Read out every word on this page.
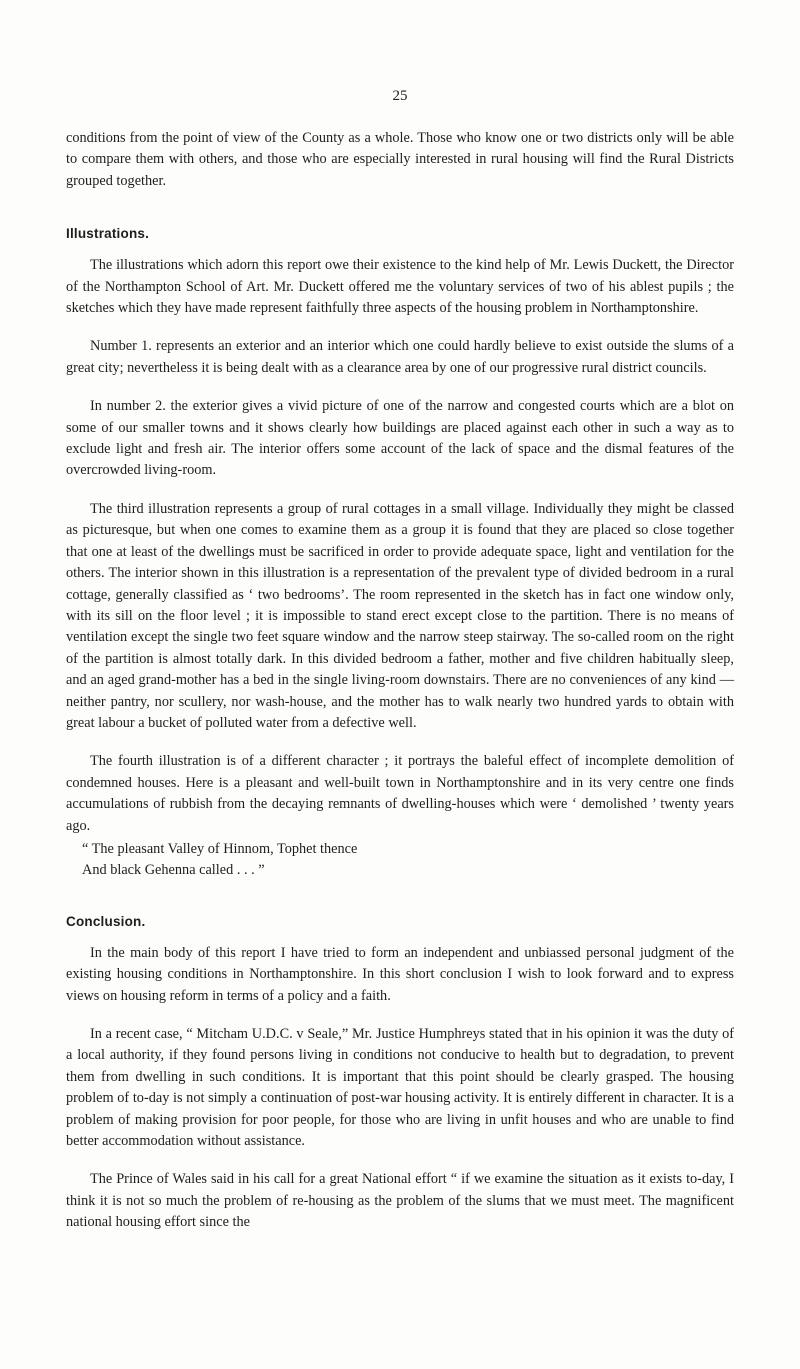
25

conditions from the point of view of the County as a whole. Those who know one or two districts only will be able to compare them with others, and those who are especially interested in rural housing will find the Rural Districts grouped together.

Illustrations.

The illustrations which adorn this report owe their existence to the kind help of Mr. Lewis Duckett, the Director of the Northampton School of Art. Mr. Duckett offered me the voluntary services of two of his ablest pupils ; the sketches which they have made represent faithfully three aspects of the housing problem in Northamptonshire.

Number 1. represents an exterior and an interior which one could hardly believe to exist outside the slums of a great city; nevertheless it is being dealt with as a clearance area by one of our progressive rural district councils.

In number 2. the exterior gives a vivid picture of one of the narrow and congested courts which are a blot on some of our smaller towns and it shows clearly how buildings are placed against each other in such a way as to exclude light and fresh air. The interior offers some account of the lack of space and the dismal features of the overcrowded living-room.

The third illustration represents a group of rural cottages in a small village. Individually they might be classed as picturesque, but when one comes to examine them as a group it is found that they are placed so close together that one at least of the dwellings must be sacrificed in order to provide adequate space, light and ventilation for the others. The interior shown in this illustration is a representation of the prevalent type of divided bedroom in a rural cottage, generally classified as ‘ two bedrooms’. The room represented in the sketch has in fact one window only, with its sill on the floor level ; it is impossible to stand erect except close to the partition. There is no means of ventilation except the single two feet square window and the narrow steep stairway. The so-called room on the right of the partition is almost totally dark. In this divided bedroom a father, mother and five children habitually sleep, and an aged grand-mother has a bed in the single living-room downstairs. There are no conveniences of any kind —neither pantry, nor scullery, nor wash-house, and the mother has to walk nearly two hundred yards to obtain with great labour a bucket of polluted water from a defective well.

The fourth illustration is of a different character ; it portrays the baleful effect of incomplete demolition of condemned houses. Here is a pleasant and well-built town in Northamptonshire and in its very centre one finds accumulations of rubbish from the decaying remnants of dwelling-houses which were ‘ demolished ’ twenty years ago.

“ The pleasant Valley of Hinnom, Tophet thence
And black Gehenna called . . . ”
Conclusion.

In the main body of this report I have tried to form an independent and unbiassed personal judgment of the existing housing conditions in Northamptonshire. In this short conclusion I wish to look forward and to express views on housing reform in terms of a policy and a faith.

In a recent case, “ Mitcham U.D.C. v Seale,” Mr. Justice Humphreys stated that in his opinion it was the duty of a local authority, if they found persons living in conditions not conducive to health but to degradation, to prevent them from dwelling in such conditions. It is important that this point should be clearly grasped. The housing problem of to-day is not simply a continuation of post-war housing activity. It is entirely different in character. It is a problem of making provision for poor people, for those who are living in unfit houses and who are unable to find better accommodation without assistance.

The Prince of Wales said in his call for a great National effort “ if we examine the situation as it exists to-day, I think it is not so much the problem of re-housing as the problem of the slums that we must meet. The magnificent national housing effort since the
